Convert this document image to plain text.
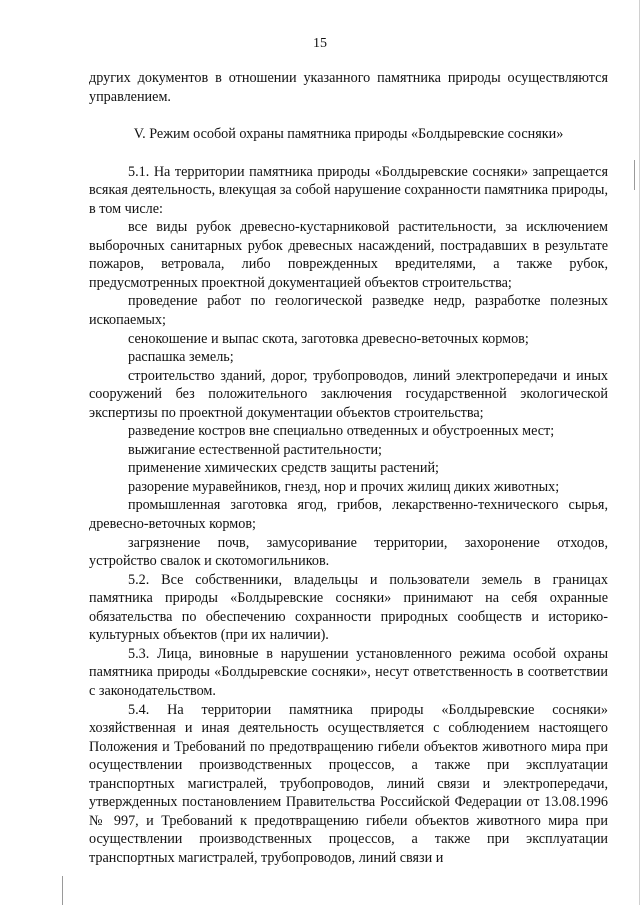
15

других документов в отношении указанного памятника природы осуществляются управлением.

V. Режим особой охраны памятника природы «Болдыревские сосняки»

5.1. На территории памятника природы «Болдыревские сосняки» запрещается всякая деятельность, влекущая за собой нарушение сохранности памятника природы, в том числе:

все виды рубок древесно-кустарниковой растительности, за исключением выборочных санитарных рубок древесных насаждений, пострадавших в результате пожаров, ветровала, либо поврежденных вредителями, а также рубок, предусмотренных проектной документацией объектов строительства;

проведение работ по геологической разведке недр, разработке полезных ископаемых;

сенокошение и выпас скота, заготовка древесно-веточных кормов;

распашка земель;

строительство зданий, дорог, трубопроводов, линий электропередачи и иных сооружений без положительного заключения государственной экологической экспертизы по проектной документации объектов строительства;

разведение костров вне специально отведенных и обустроенных мест;

выжигание естественной растительности;

применение химических средств защиты растений;

разорение муравейников, гнезд, нор и прочих жилищ диких животных;

промышленная заготовка ягод, грибов, лекарственно-технического сырья, древесно-веточных кормов;

загрязнение почв, замусоривание территории, захоронение отходов, устройство свалок и скотомогильников.

5.2. Все собственники, владельцы и пользователи земель в границах памятника природы «Болдыревские сосняки» принимают на себя охранные обязательства по обеспечению сохранности природных сообществ и историко-культурных объектов (при их наличии).

5.3. Лица, виновные в нарушении установленного режима особой охраны памятника природы «Болдыревские сосняки», несут ответственность в соответствии с законодательством.

5.4. На территории памятника природы «Болдыревские сосняки» хозяйственная и иная деятельность осуществляется с соблюдением настоящего Положения и Требований по предотвращению гибели объектов животного мира при осуществлении производственных процессов, а также при эксплуатации транспортных магистралей, трубопроводов, линий связи и электропередачи, утвержденных постановлением Правительства Российской Федерации от 13.08.1996 № 997, и Требований к предотвращению гибели объектов животного мира при осуществлении производственных процессов, а также при эксплуатации транспортных магистралей, трубопроводов, линий связи и
